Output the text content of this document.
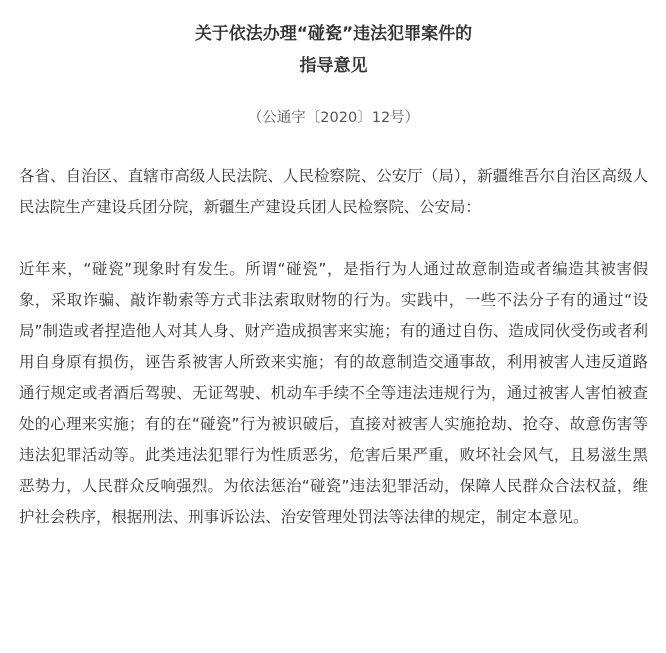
关于依法办理“碰瓷”违法犯罪案件的
指导意见
（公通字〔2020〕12号）

各省、自治区、直辖市高级人民法院、人民检察院、公安厅（局），新疆维吾尔自治区高级人民法院生产建设兵团分院，新疆生产建设兵团人民检察院、公安局：

近年来，“碰瓷”现象时有发生。所谓“碰瓷”，是指行为人通过故意制造或者编造其被害假象，采取诈骗、敲诈勒索等方式非法索取财物的行为。实践中，一些不法分子有的通过“设局”制造或者捏造他人对其人身、财产造成损害来实施；有的通过自伤、造成同伙受伤或者利用自身原有损伤，诬告系被害人所致来实施；有的故意制造交通事故，利用被害人违反道路通行规定或者酒后驾驶、无证驾驶、机动车手续不全等违法违规行为，通过被害人害怕被查处的心理来实施；有的在“碰瓷”行为被识破后，直接对被害人实施抢劫、抢夺、故意伤害等违法犯罪活动等。此类违法犯罪行为性质恶劣，危害后果严重，败坏社会风气，且易滋生黑恶势力，人民群众反响强烈。为依法惩治“碰瓷”违法犯罪活动，保障人民群众合法权益，维护社会秩序，根据刑法、刑事诉讼法、治安管理处罚法等法律的规定，制定本意见。
